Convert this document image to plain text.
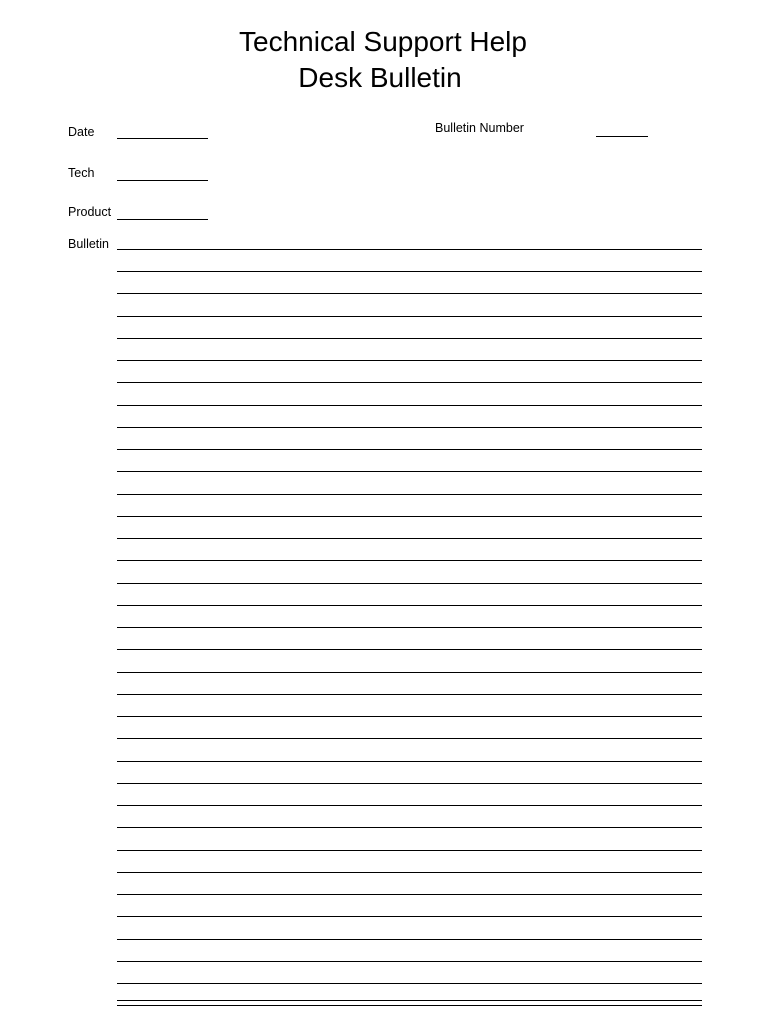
Technical Support Help
Desk Bulletin
Date	Bulletin Number
Tech
Product
Bulletin
